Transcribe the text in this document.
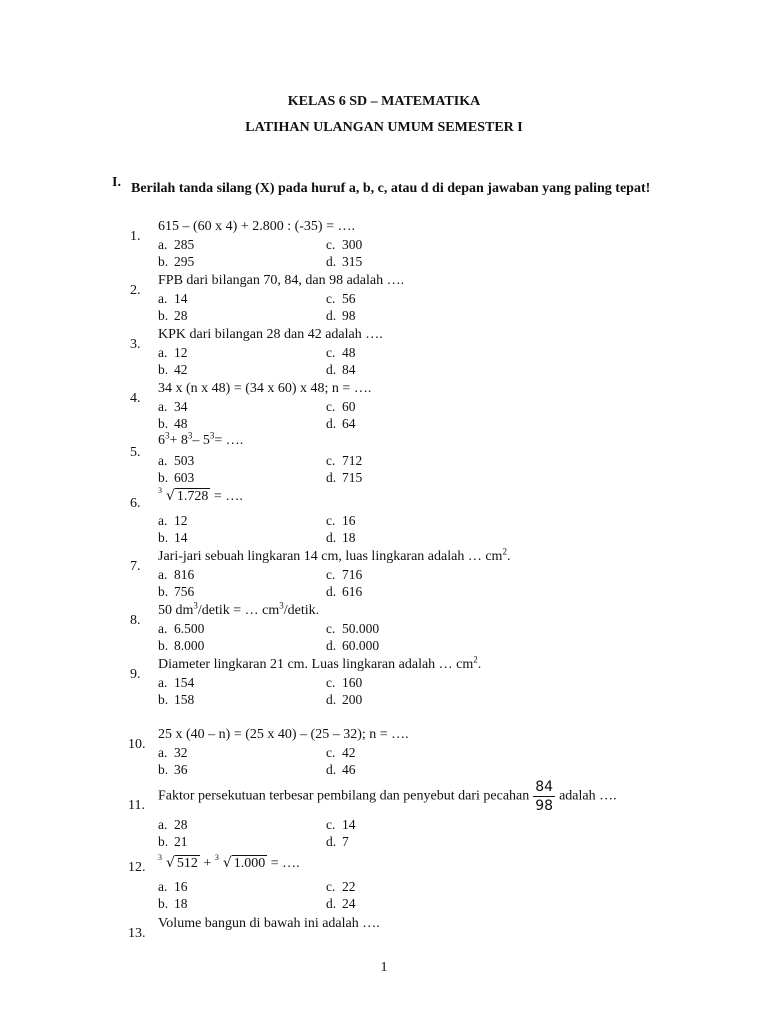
KELAS 6 SD – MATEMATIKA
LATIHAN ULANGAN UMUM SEMESTER I
I. Berilah tanda silang (X) pada huruf a, b, c, atau d di depan jawaban yang paling tepat!
1.
615 – (60 x 4) + 2.800 : (-35) = ….
a. 285
b. 295
c. 300
d. 315
2.
FPB dari bilangan 70, 84, dan 98 adalah ….
a. 14
b. 28
c. 56
d. 98
3.
KPK dari bilangan 28 dan 42 adalah ….
a. 12
b. 42
c. 48
d. 84
4.
34 x (n x 48) = (34 x 60) x 48; n = ….
a. 34
b. 48
c. 60
d. 64
5.
$6^3+ 8^3-$ $5^3=$ ….
a. 503
b. 603
c. 712
d. 715
6.
3 √ 1.728 = ….
a. 12
b. 14
c. 16
d. 18
7.
Jari-jari sebuah lingkaran 14 cm, luas lingkaran adalah … $cm^2$.
a. 816
b. 756
c. 716
d. 616
8.
50 $dm^3$/detik = … $cm^3$/detik.
a. 6.500
b. 8.000
c. 50.000
d. 60.000
9.
Diameter lingkaran 21 cm. Luas lingkaran adalah … $cm^2$.
a. 154
b. 158
c. 160
d. 200
10.
25 x (40 – n) = (25 x 40) – (25 – 32); n = ….
a. 32
b. 36
c. 42
d. 46
11.
Faktor persekutuan terbesar pembilang dan penyebut dari pecahan $\frac{84}{98}$ adalah ….
a. 28
b. 21
c. 14
d. 7
12.
3 √ 512 + 3 √ 1.000 = ….
a. 16
b. 18
c. 22
d. 24
13.
Volume bangun di bawah ini adalah ….
1
